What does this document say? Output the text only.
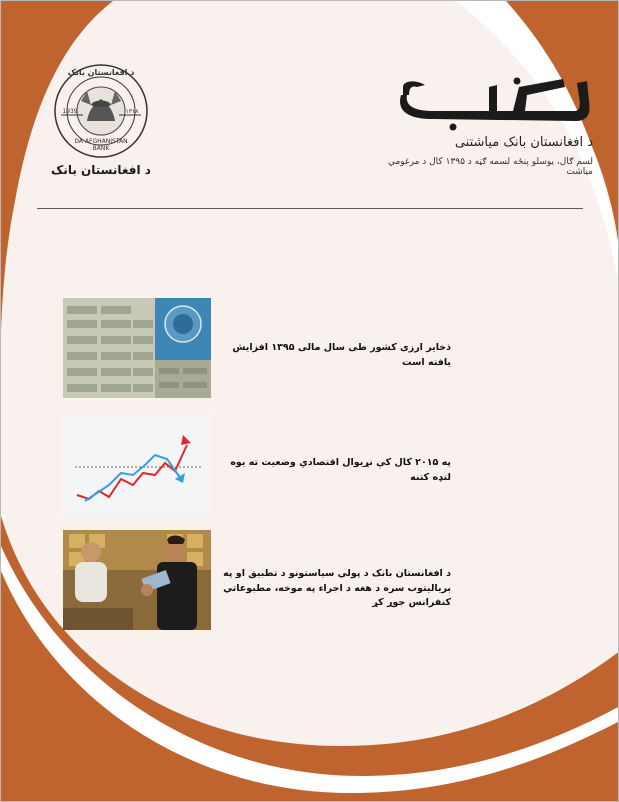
د افغانستان بانک میاشتنی
لسم ګال، یوسلو پنځه لسمه ګڼه د ۱۳۹۵ کال د مرغومي میاشت
د افغانستان بانک
DA AFGHANISTAN
BANK
1939	۱۳۱۸
د افغانستان بانک
ذخایر ارزی کشور طی سال مالی ۱۳۹۵ افزایش یافته است
په ۲۰۱۵ کال کې نړیوال اقتصادي وضعیت ته یوه لنډه کتنه
د افغانستان بانک د پولي سیاستونو د تطبیق او په بریالیتوب سره د هغه د اجراء په موخه، مطبوعاتي کنفرانس جوړ کړ
